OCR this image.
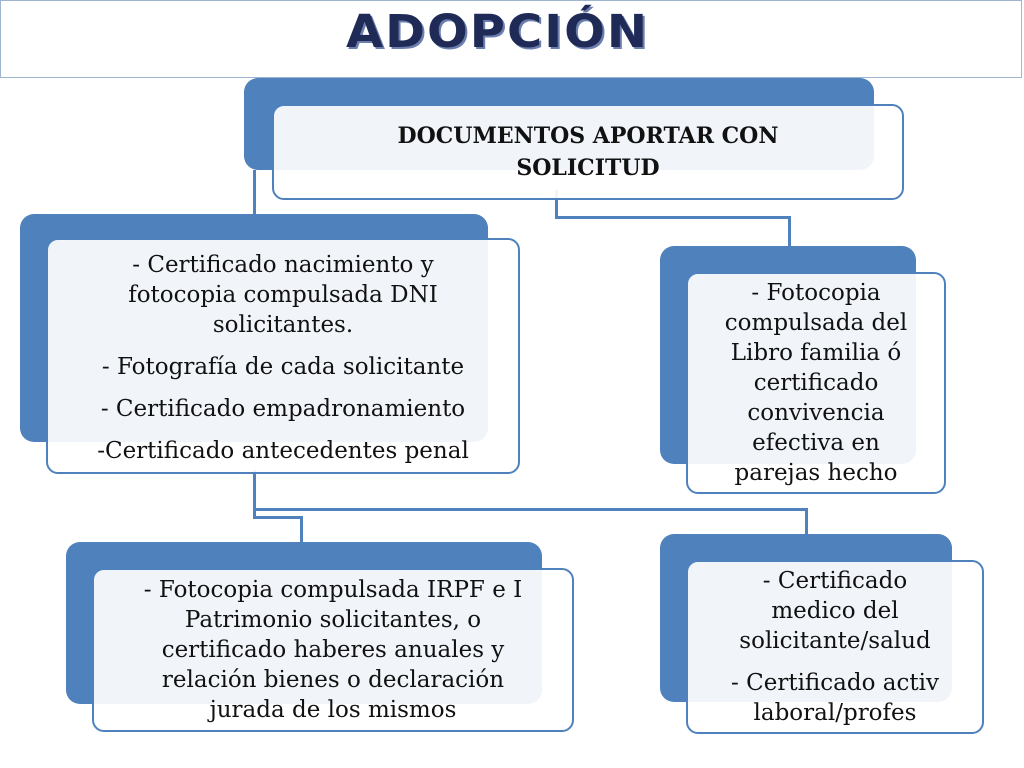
ADOPCIÓN

DOCUMENTOS APORTAR CON

SOLICITUD

- Certificado nacimiento y

fotocopia compulsada DNI

solicitantes.

- Fotografía de cada solicitante

- Certificado empadronamiento

-Certificado antecedentes penal

- Fotocopia

compulsada del

Libro familia ó

certificado

convivencia

efectiva en

parejas hecho

- Fotocopia compulsada IRPF e I

Patrimonio solicitantes, o

certificado haberes anuales y

relación bienes o declaración

jurada de los mismos

- Certificado

medico del

solicitante/salud

- Certificado activ

laboral/profes
